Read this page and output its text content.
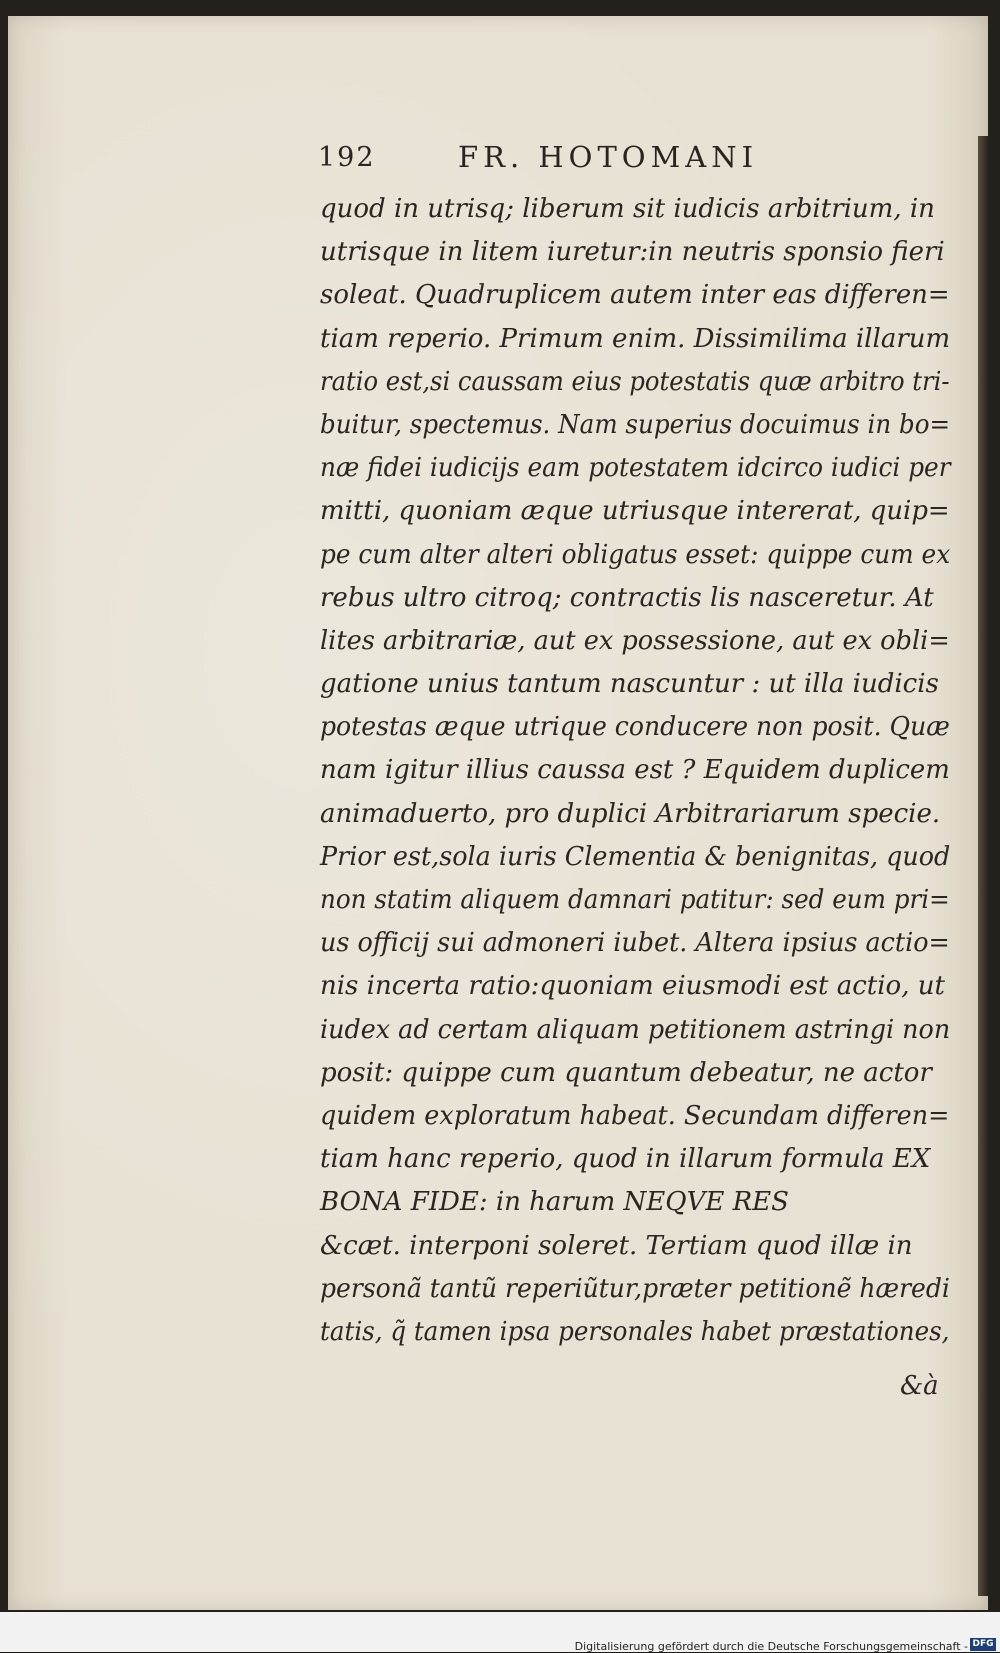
192	FR. HOTOMANI
quod in utrisq; liberum sit iudicis arbitrium, in
utrisque in litem iuretur:in neutris sponsio fieri
soleat. Quadruplicem autem inter eas differen=
tiam reperio. Primum enim. Dissimilima illarum
ratio est,si caussam eius potestatis quæ arbitro tri-
buitur, spectemus. Nam superius docuimus in bo=
næ fidei iudicijs eam potestatem idcirco iudici per
mitti, quoniam æque utriusque intererat, quip=
pe cum alter alteri obligatus esset: quippe cum ex
rebus ultro citroq; contractis lis nasceretur. At
lites arbitrariæ, aut ex possessione, aut ex obli=
gatione unius tantum nascuntur : ut illa iudicis
potestas æque utrique conducere non posit. Quæ
nam igitur illius caussa est ? Equidem duplicem
animaduerto, pro duplici Arbitrariarum specie.
Prior est,sola iuris Clementia & benignitas, quod
non statim aliquem damnari patitur: sed eum pri=
us officij sui admoneri iubet. Altera ipsius actio=
nis incerta ratio:quoniam eiusmodi est actio, ut
iudex ad certam aliquam petitionem astringi non
posit: quippe cum quantum debeatur, ne actor
quidem exploratum habeat. Secundam differen=
tiam hanc reperio, quod in illarum formula EX
BONA FIDE: in harum NEQVE RES
&cæt. interponi soleret. Tertiam quod illæ in
personã tantũ reperiũtur,præter petitionẽ hæredi
tatis, q̃ tamen ipsa personales habet præstationes,
&à
Digitalisierung gefördert durch die Deutsche Forschungsgemeinschaft - DFG
